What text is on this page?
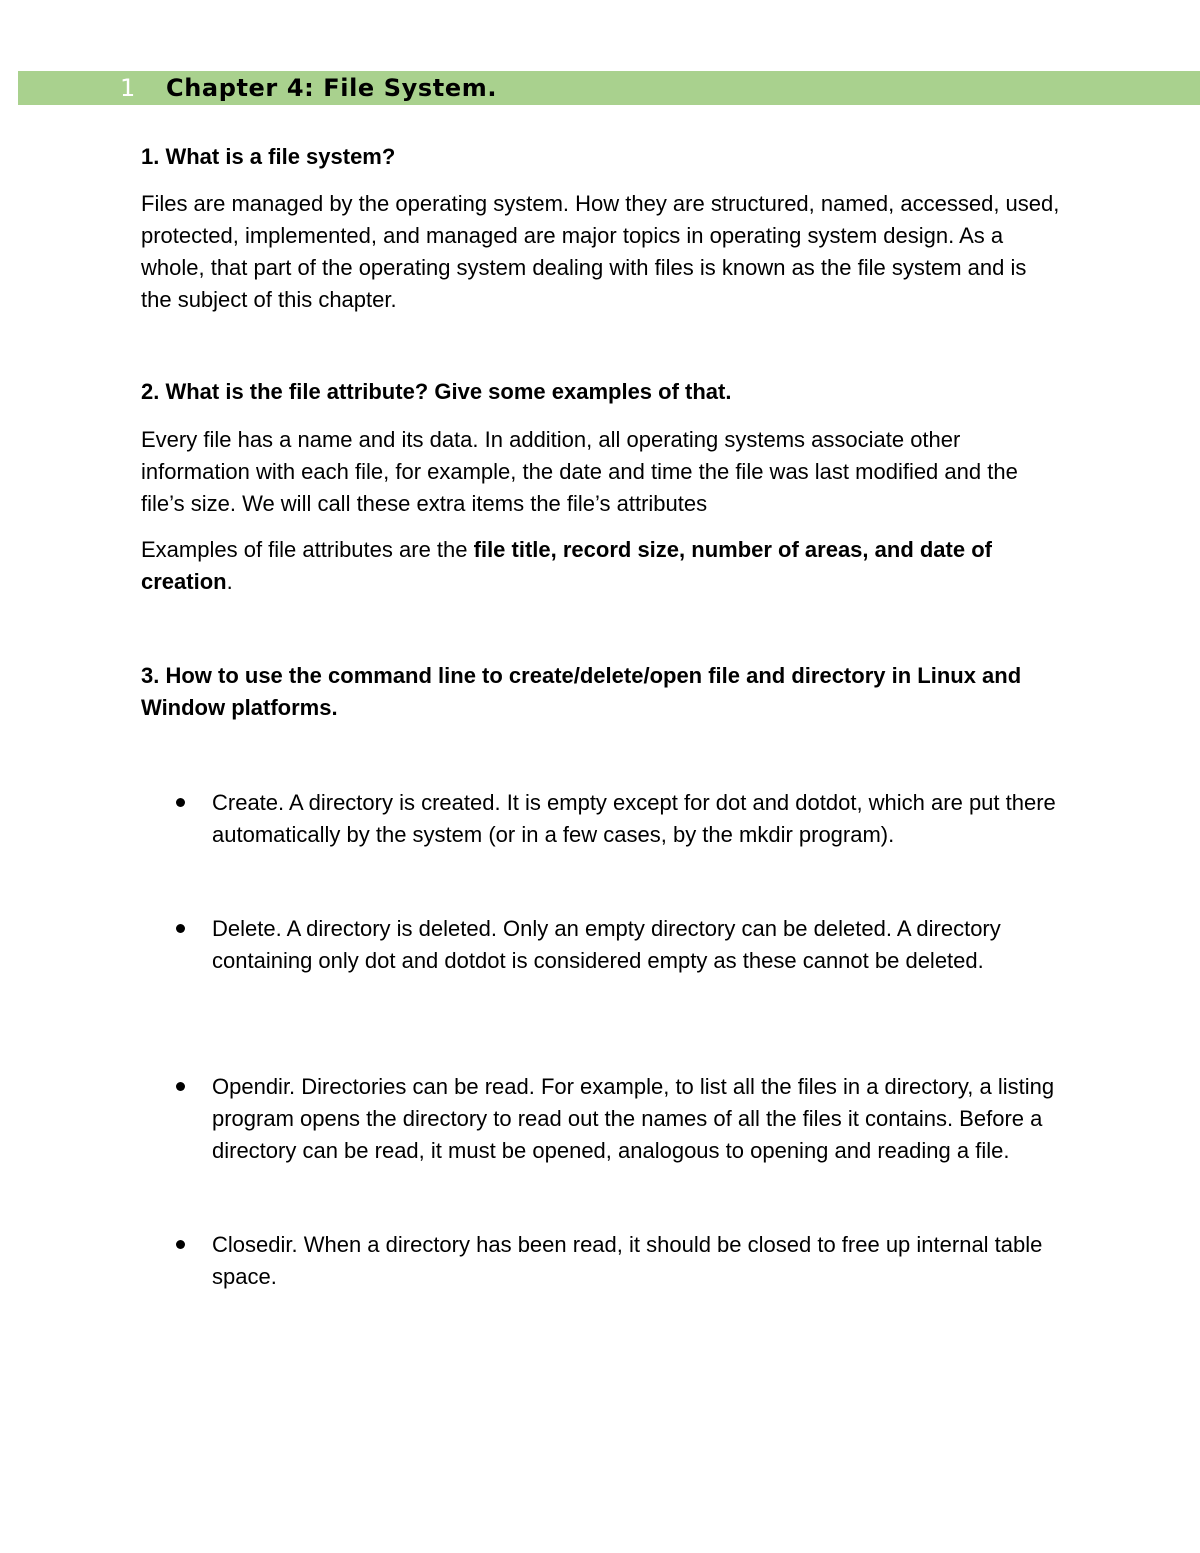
1 Chapter 4: File System.

1. What is a file system?

Files are managed by the operating system. How they are structured, named, accessed, used, protected, implemented, and managed are major topics in operating system design. As a whole, that part of the operating system dealing with files is known as the file system and is the subject of this chapter.

2. What is the file attribute? Give some examples of that.

Every file has a name and its data. In addition, all operating systems associate other information with each file, for example, the date and time the file was last modified and the file’s size. We will call these extra items the file’s attributes

Examples of file attributes are the file title, record size, number of areas, and date of creation.

3. How to use the command line to create/delete/open file and directory in Linux and Window platforms.

Create. A directory is created. It is empty except for dot and dotdot, which are put there automatically by the system (or in a few cases, by the mkdir program).
Delete. A directory is deleted. Only an empty directory can be deleted. A directory containing only dot and dotdot is considered empty as these cannot be deleted.
Opendir. Directories can be read. For example, to list all the files in a directory, a listing program opens the directory to read out the names of all the files it contains. Before a directory can be read, it must be opened, analogous to opening and reading a file.
Closedir. When a directory has been read, it should be closed to free up internal table space.
